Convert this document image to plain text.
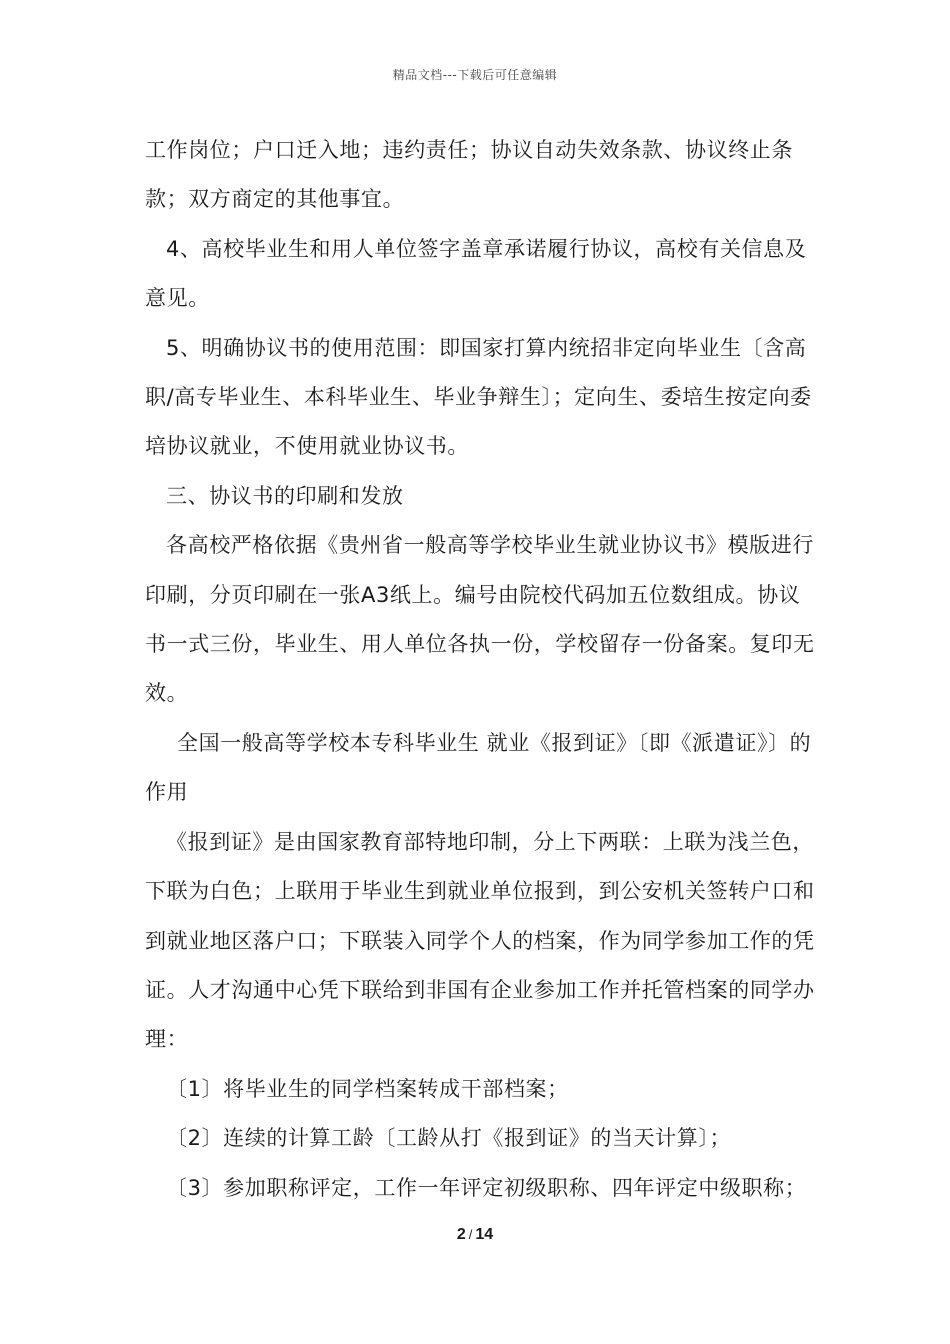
精品文档---下载后可任意编辑

工作岗位；户口迁入地；违约责任；协议自动失效条款、协议终止条款；双方商定的其他事宜。

4、高校毕业生和用人单位签字盖章承诺履行协议，高校有关信息及意见。

5、明确协议书的使用范围：即国家打算内统招非定向毕业生〔含高职/高专毕业生、本科毕业生、毕业争辩生〕；定向生、委培生按定向委培协议就业，不使用就业协议书。

三、协议书的印刷和发放

各高校严格依据《贵州省一般高等学校毕业生就业协议书》模版进行印刷，分页印刷在一张A3纸上。编号由院校代码加五位数组成。协议书一式三份，毕业生、用人单位各执一份，学校留存一份备案。复印无效。

全国一般高等学校本专科毕业生 就业《报到证》〔即《派遣证》〕的作用

《报到证》是由国家教育部特地印制，分上下两联：上联为浅兰色，下联为白色；上联用于毕业生到就业单位报到，到公安机关签转户口和到就业地区落户口；下联装入同学个人的档案，作为同学参加工作的凭证。人才沟通中心凭下联给到非国有企业参加工作并托管档案的同学办理：

〔1〕将毕业生的同学档案转成干部档案；

〔2〕连续的计算工龄〔工龄从打《报到证》的当天计算〕；

〔3〕参加职称评定，工作一年评定初级职称、四年评定中级职称；

2 / 14
